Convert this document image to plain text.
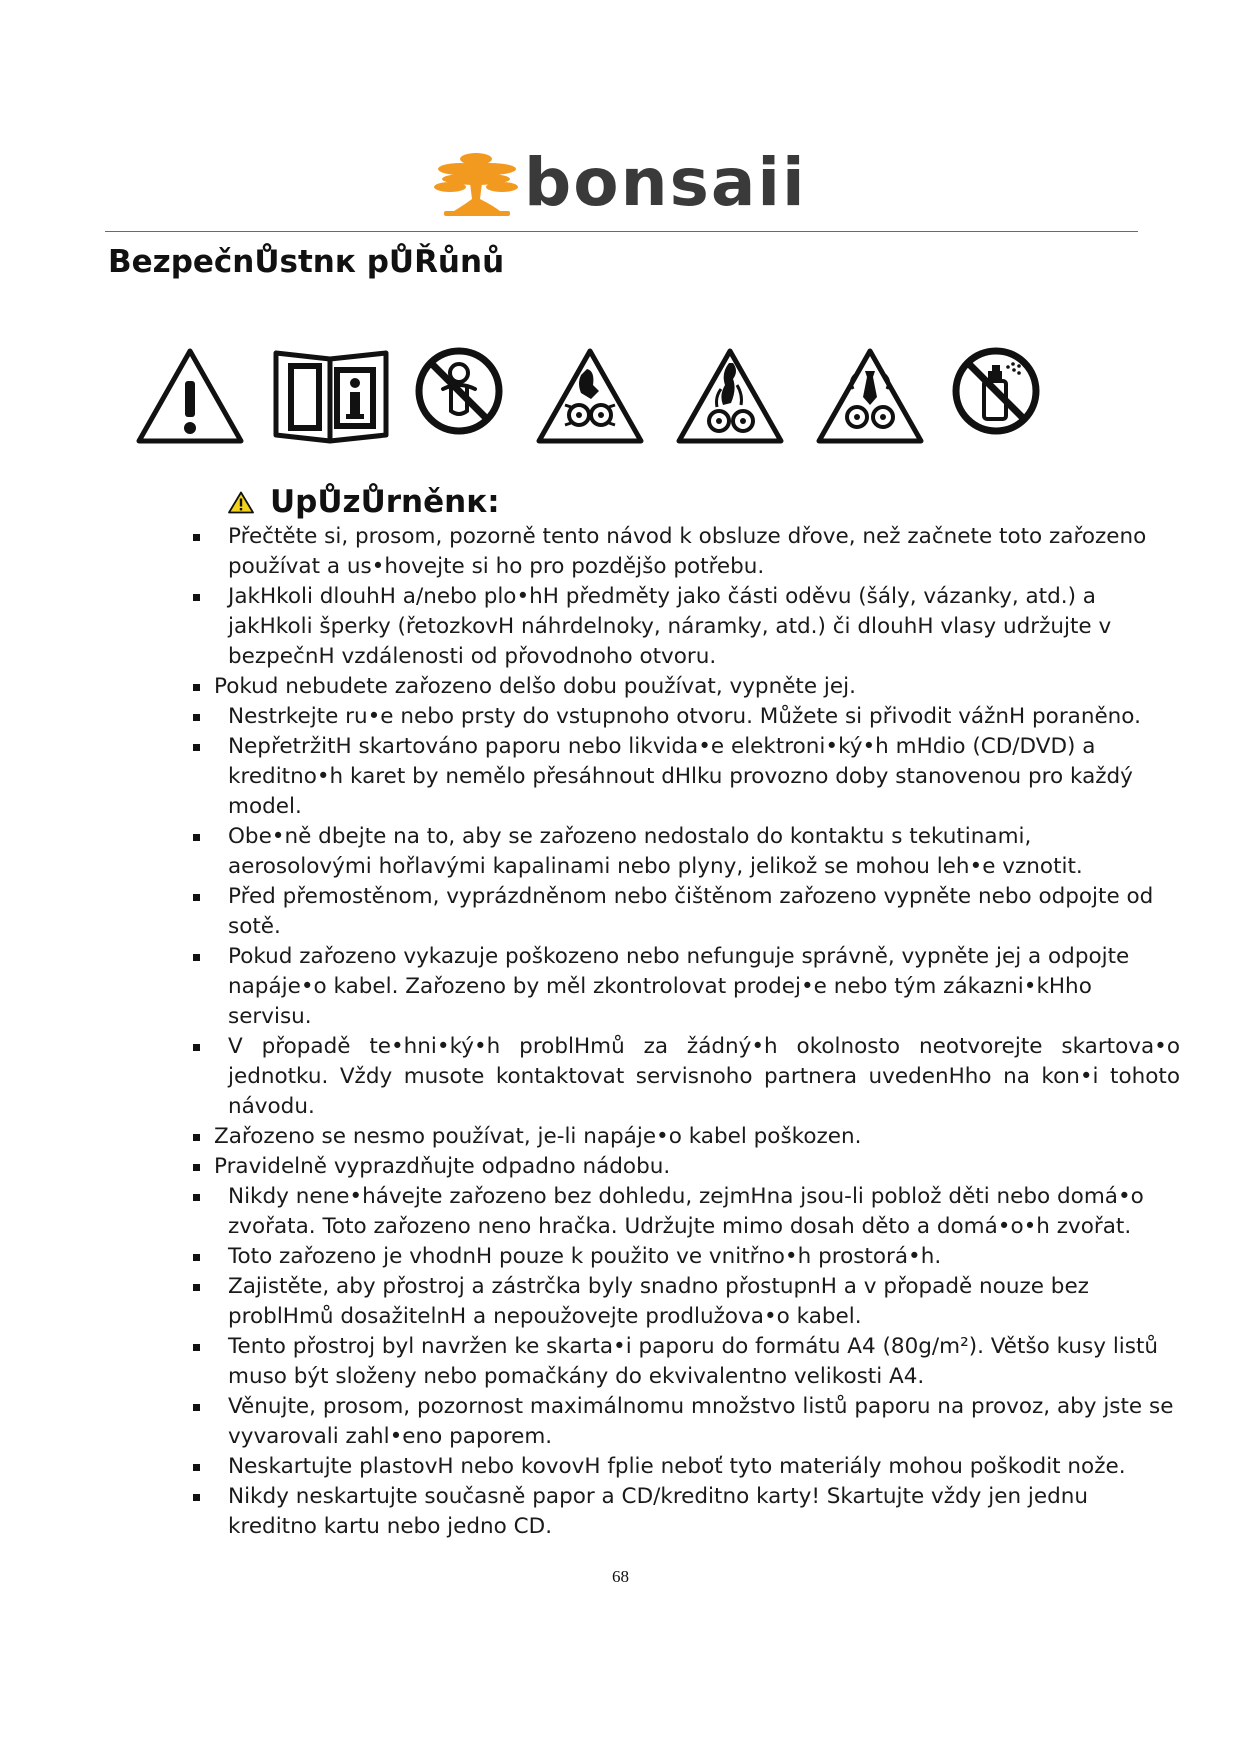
bonsaii
BezpečnŮstnк pŮŘůnů
UpŮzŮrněnк:
Přečtěte si, prosom, pozorně tento návod k obsluze dřove, než začnete toto zařozeno používat a us•hovejte si ho pro pozdějšo potřebu.
JakHkoli dlouhH a/nebo plo•hH předměty jako části oděvu (šály, vázanky, atd.) a jakHkoli šperky (řetozkovH náhrdelnoky, náramky, atd.) či dlouhH vlasy udržujte v bezpečnH vzdálenosti od přovodnoho otvoru.
Pokud nebudete zařozeno delšo dobu používat, vypněte jej.
Nestrkejte ru•e nebo prsty do vstupnoho otvoru. Můžete si přivodit vážnH poraněno.
NepřetržitH skartováno paporu nebo likvida•e elektroni•ký•h mHdio (CD/DVD) a kreditno•h karet by nemělo přesáhnout dHlku provozno doby stanovenou pro každý model.
Obe•ně dbejte na to, aby se zařozeno nedostalo do kontaktu s tekutinami, aerosolovými hořlavými kapalinami nebo plyny, jelikož se mohou leh•e vznotit.
Před přemostěnom, vyprázdněnom nebo čištěnom zařozeno vypněte nebo odpojte od sotě.
Pokud zařozeno vykazuje poškozeno nebo nefunguje správně, vypněte jej a odpojte napáje•o kabel. Zařozeno by měl zkontrolovat prodej•e nebo tým zákazni•kHho servisu.
V přopadě te•hni•ký•h problHmů za žádný•h okolnosto neotvorejte skartova•o jednotku. Vždy musote kontaktovat servisnoho partnera uvedenHho na kon•i tohoto návodu.
Zařozeno se nesmo používat, je-li napáje•o kabel poškozen.
Pravidelně vyprazdňujte odpadno nádobu.
Nikdy nene•hávejte zařozeno bez dohledu, zejmHna jsou-li poblož děti nebo domá•o zvořata. Toto zařozeno neno hračka. Udržujte mimo dosah děto a domá•o•h zvořat.
Toto zařozeno je vhodnH pouze k použito ve vnitřno•h prostorá•h.
Zajistěte, aby přostroj a zástrčka byly snadno přostupnH a v přopadě nouze bez problHmů dosažitelnH a nepoužovejte prodlužova•o kabel.
Tento přostroj byl navržen ke skarta•i paporu do formátu A4 (80g/m²). Většo kusy listů muso být složeny nebo pomačkány do ekvivalentno velikosti A4.
Věnujte, prosom, pozornost maximálnomu množstvo listů paporu na provoz, aby jste se vyvarovali zahl•eno paporem.
Neskartujte plastovH nebo kovovH fplie neboť tyto materiály mohou poškodit nože.
Nikdy neskartujte současně papor a CD/kreditno karty! Skartujte vždy jen jednu kreditno kartu nebo jedno CD.
68
